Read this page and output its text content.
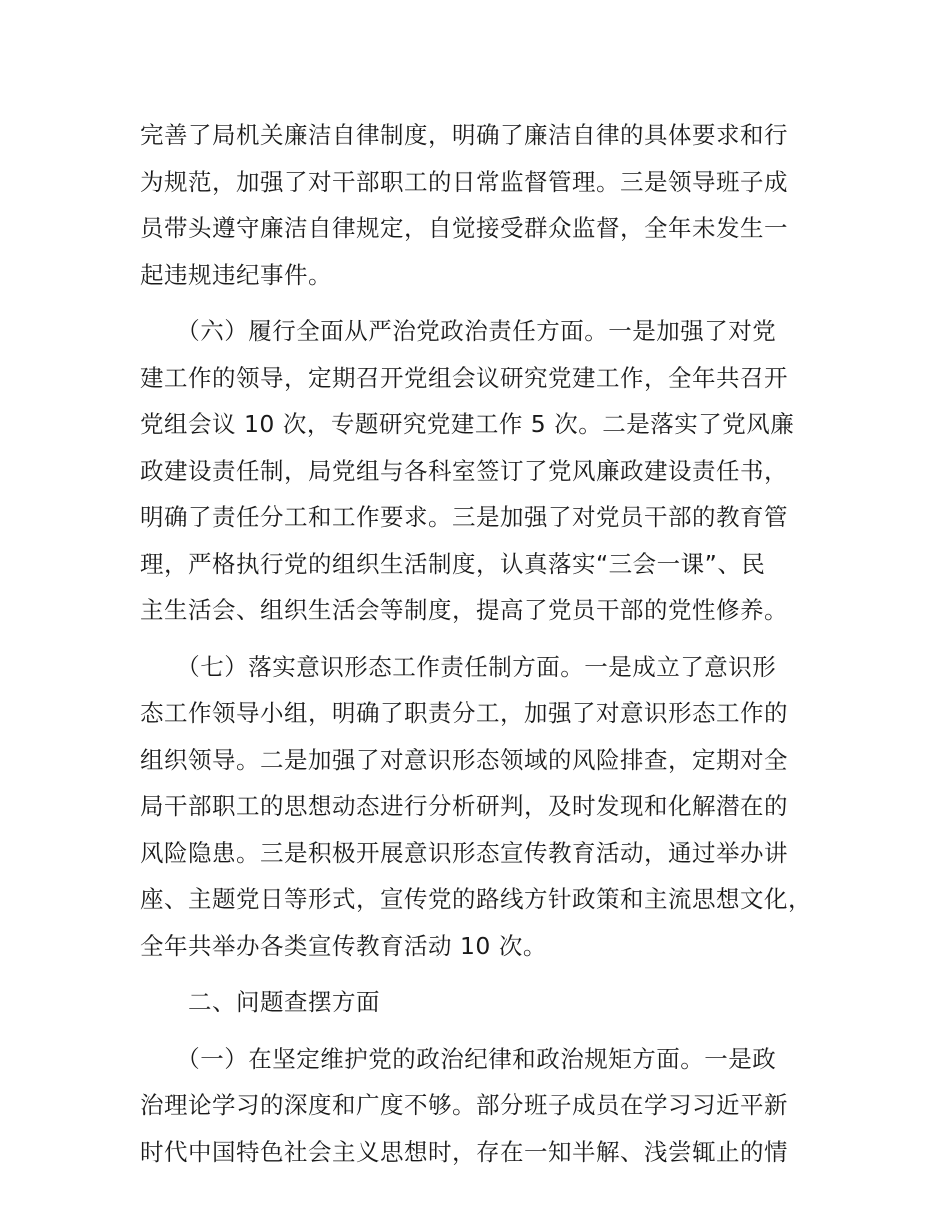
完善了局机关廉洁自律制度，明确了廉洁自律的具体要求和行
为规范，加强了对干部职工的日常监督管理。三是领导班子成
员带头遵守廉洁自律规定，自觉接受群众监督，全年未发生一
起违规违纪事件。
　　（六）履行全面从严治党政治责任方面。一是加强了对党
建工作的领导，定期召开党组会议研究党建工作，全年共召开
党组会议 10 次，专题研究党建工作 5 次。二是落实了党风廉
政建设责任制，局党组与各科室签订了党风廉政建设责任书，
明确了责任分工和工作要求。三是加强了对党员干部的教育管
理，严格执行党的组织生活制度，认真落实“三会一课”、民
主生活会、组织生活会等制度，提高了党员干部的党性修养。
　　（七）落实意识形态工作责任制方面。一是成立了意识形
态工作领导小组，明确了职责分工，加强了对意识形态工作的
组织领导。二是加强了对意识形态领域的风险排查，定期对全
局干部职工的思想动态进行分析研判，及时发现和化解潜在的
风险隐患。三是积极开展意识形态宣传教育活动，通过举办讲
座、主题党日等形式，宣传党的路线方针政策和主流思想文化，
全年共举办各类宣传教育活动 10 次。
　　二、问题查摆方面
　　（一）在坚定维护党的政治纪律和政治规矩方面。一是政
治理论学习的深度和广度不够。部分班子成员在学习习近平新
时代中国特色社会主义思想时，存在一知半解、浅尝辄止的情
